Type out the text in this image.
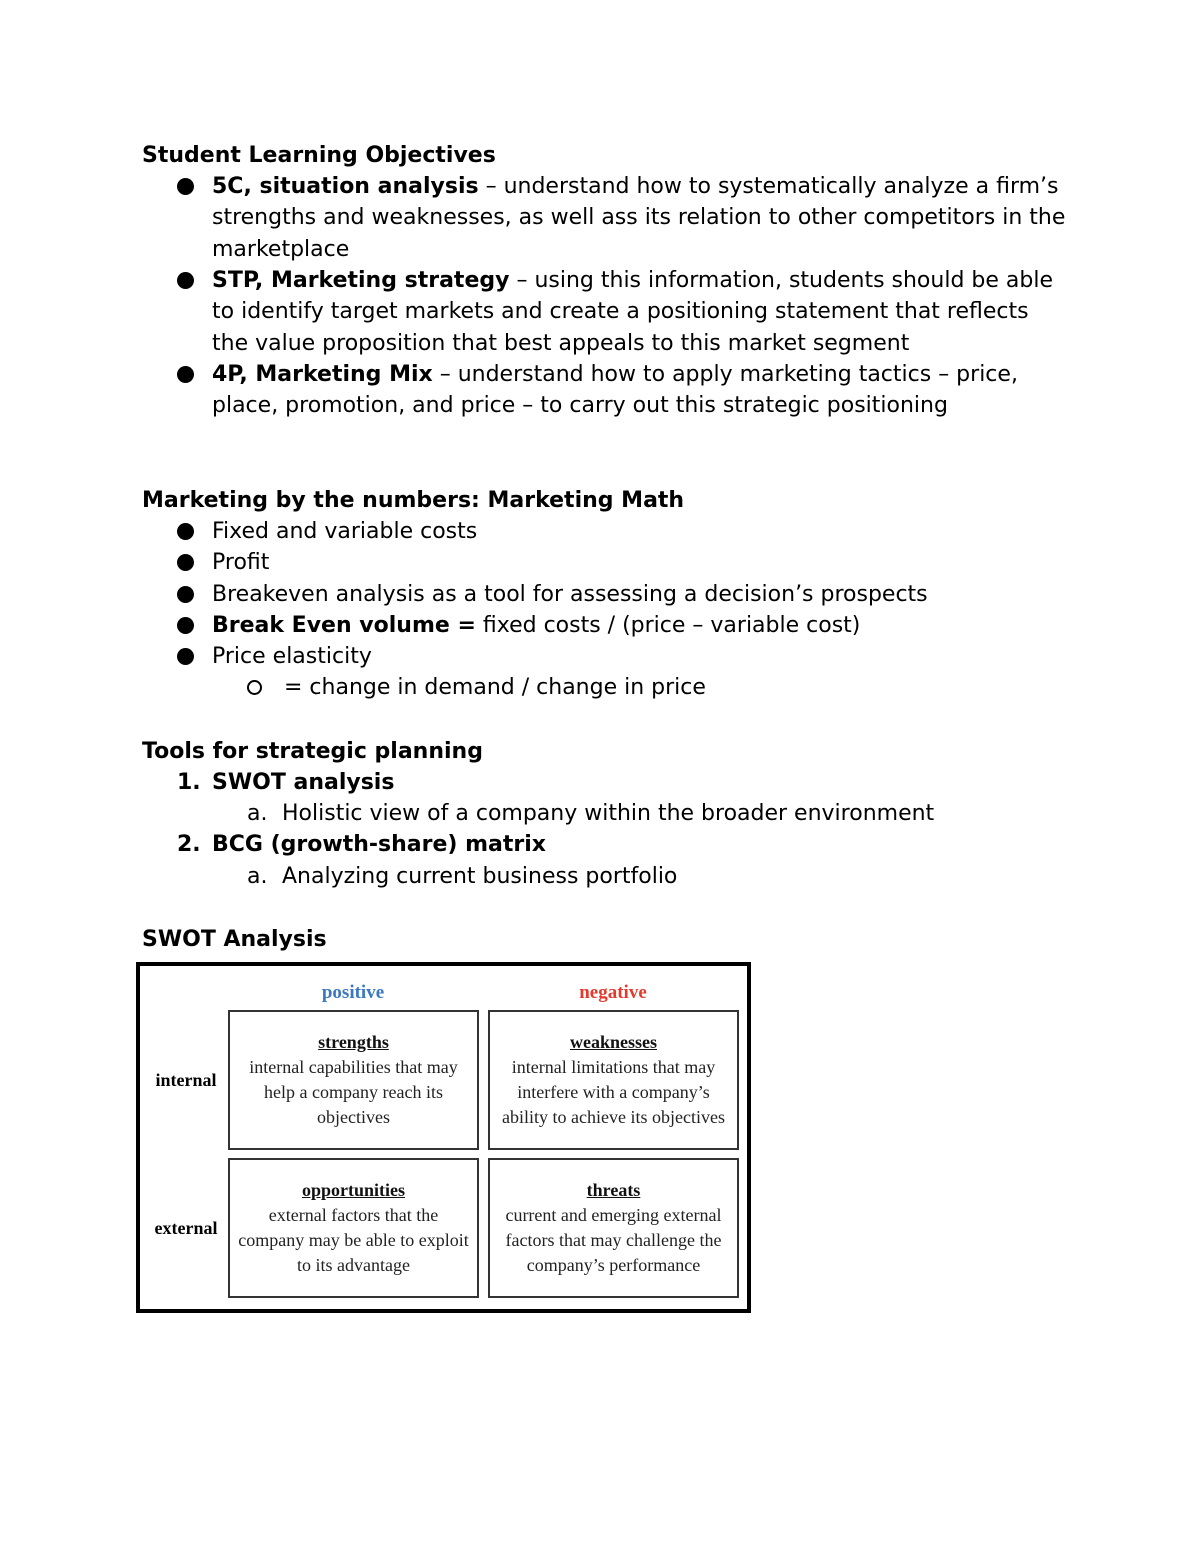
Student Learning Objectives
5C, situation analysis – understand how to systematically analyze a firm’s strengths and weaknesses, as well ass its relation to other competitors in the marketplace
STP, Marketing strategy – using this information, students should be able to identify target markets and create a positioning statement that reflects the value proposition that best appeals to this market segment
4P, Marketing Mix – understand how to apply marketing tactics – price, place, promotion, and price – to carry out this strategic positioning
Marketing by the numbers: Marketing Math
Fixed and variable costs
Profit
Breakeven analysis as a tool for assessing a decision’s prospects
Break Even volume = fixed costs / (price – variable cost)
Price elasticity
= change in demand / change in price
Tools for strategic planning
1. SWOT analysis
a. Holistic view of a company within the broader environment
2. BCG (growth-share) matrix
a. Analyzing current business portfolio
SWOT Analysis
positive	negative
internal
external
strengths
internal capabilities that may help a company reach its objectives
weaknesses
internal limitations that may interfere with a company’s ability to achieve its objectives
opportunities
external factors that the company may be able to exploit to its advantage
threats
current and emerging external factors that may challenge the company’s performance
